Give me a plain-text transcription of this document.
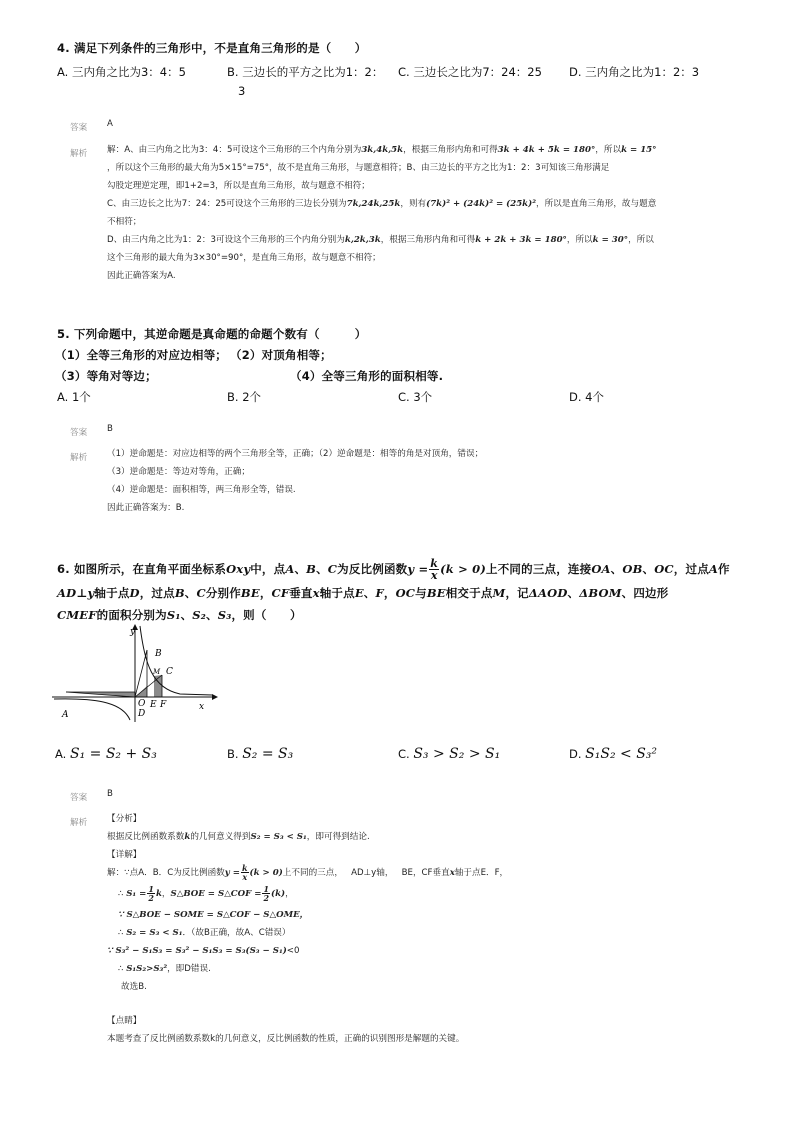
4. 满足下列条件的三角形中，不是直角三角形的是（　　）
A. 三内角之比为3：4：5	B. 三边长的平方之比为1：2：
3
C. 三边长之比为7：24：25 D. 三内角之比为1：2：3
答案 A
解析 解：A、由三内角之比为3：4：5可设这个三角形的三个内角分别为3k,4k,5k，根据三角形内角和可得3k + 4k + 5k = 180°，所以k = 15°
，所以这个三角形的最大角为5×15°=75°，故不是直角三角形，与题意相符；B、由三边长的平方之比为1：2：3可知该三角形满足
勾股定理逆定理，即1+2=3，所以是直角三角形，故与题意不相符；
C、由三边长之比为7：24：25可设这个三角形的三边长分别为7k,24k,25k，则有(7k)² + (24k)² = (25k)²，所以是直角三角形，故与题意
不相符；
D、由三内角之比为1：2：3可设这个三角形的三个内角分别为k,2k,3k，根据三角形内角和可得k + 2k + 3k = 180°，所以k = 30°，所以
这个三角形的最大角为3×30°=90°，是直角三角形，故与题意不相符；
因此正确答案为A.
5. 下列命题中，其逆命题是真命题的命题个数有（　　　）
（1）全等三角形的对应边相等； （2）对顶角相等；
（3）等角对等边；	（4）全等三角形的面积相等.
A. 1个	B. 2个	C. 3个	D. 4个
答案 B
解析 （1）逆命题是：对应边相等的两个三角形全等，正确；（2）逆命题是：相等的角是对顶角，错误；
（3）逆命题是：等边对等角，正确；
（4）逆命题是：面积相等，两三角形全等，错误.
因此正确答案为：B.
6. 如图所示，在直角平面坐标系Oxy中，点A、B、C为反比例函数$y = \frac{k}{x} (k > 0)$上不同的三点，连接OA、OB、OC，过点A作
AD⊥y轴于点D，过点B、C分别作BE，CF垂直x轴于点E、F，OC与BE相交于点M，记ΔAOD、ΔBOM、四边形
CMEF的面积分别为S₁、S₂、S₃，则（　　）
y
B
C
M
O
D
E F	x
A
A. S₁ = S₂ + S₃	B. S₂ = S₃	C. S₃ > S₂ > S₁	D. S₁S₂ < S₃²
答案 B
解析 【分析】
根据反比例函数系数k的几何意义得到S₂ = S₃ < S₁，即可得到结论.
【详解】
解：∵点A．B．C为反比例函数$y = \frac{k}{x} (k > 0)$上不同的三点， AD⊥y轴， BE，CF垂直x轴于点E．F，
∴ $S_1 = \frac{1}{2}$ k，S△BOE = S△COF = $\frac{1}{2} (k)$，
∵ S△BOE − SOME = S△COF − S△OME，
∴ S₂ = S₃ < S₁．（故B正确，故A、C错误）
∵ S₃² − S₁S₃ = S₃² − S₁S₃ = S₃(S₃ − S₁)<0
∴ S₁S₂>S₃²，即D错误.
故选B.
【点睛】
本题考查了反比例函数系数k的几何意义，反比例函数的性质，正确的识别图形是解题的关键。
